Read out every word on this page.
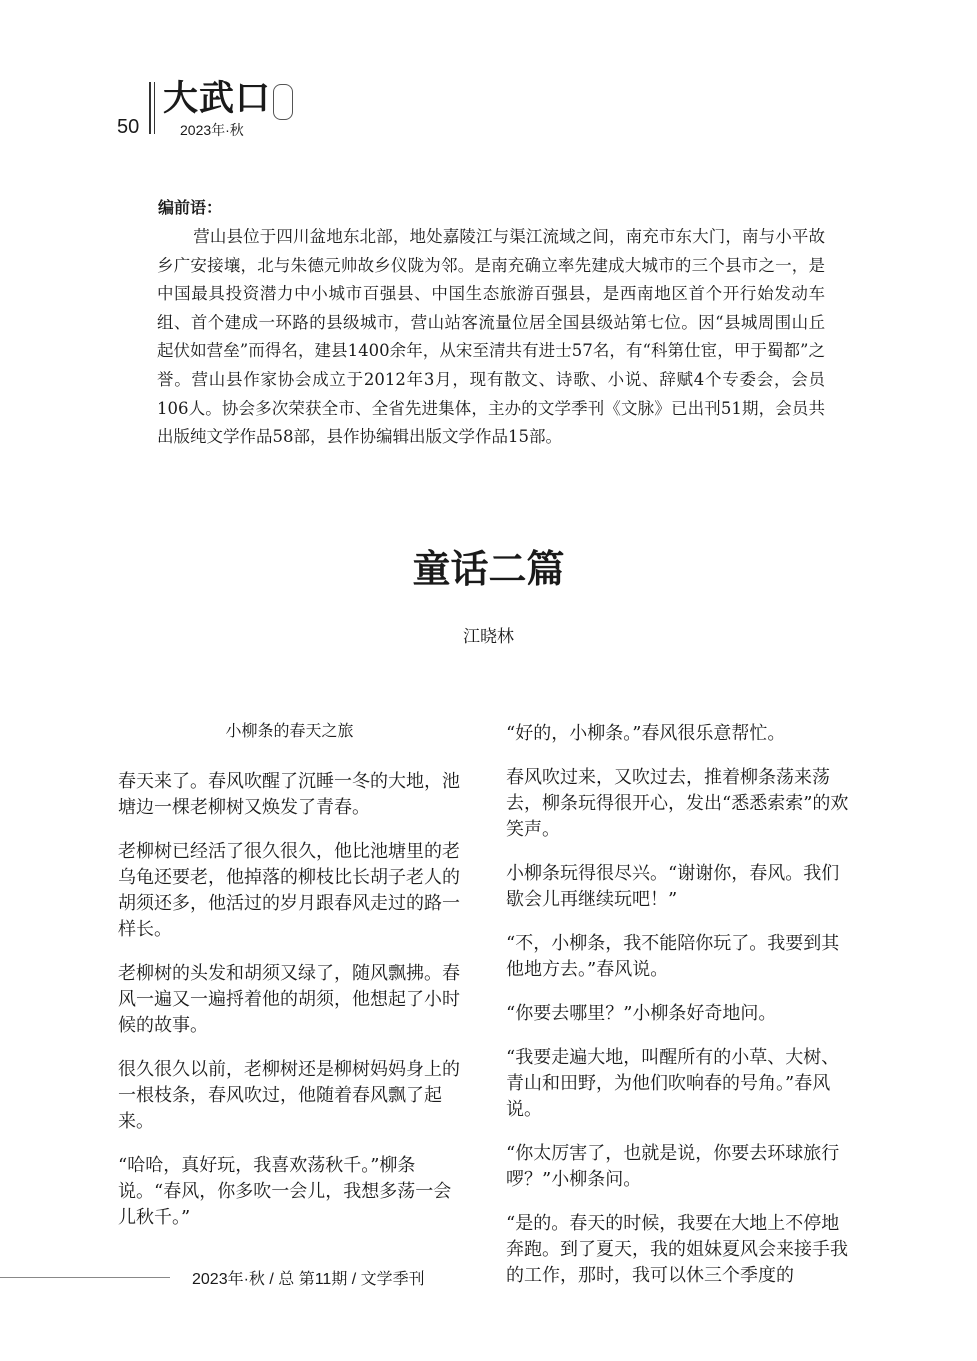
50
大武口
2023年·秋
编前语：

营山县位于四川盆地东北部，地处嘉陵江与渠江流域之间，南充市东大门，南与小平故乡广安接壤，北与朱德元帅故乡仪陇为邻。是南充确立率先建成大城市的三个县市之一，是中国最具投资潜力中小城市百强县、中国生态旅游百强县，是西南地区首个开行始发动车组、首个建成一环路的县级城市，营山站客流量位居全国县级站第七位。因“县城周围山丘起伏如营垒”而得名，建县1400余年，从宋至清共有进士57名，有“科第仕宦，甲于蜀都”之誉。营山县作家协会成立于2012年3月，现有散文、诗歌、小说、辞赋4个专委会，会员106人。协会多次荣获全市、全省先进集体，主办的文学季刊《文脉》已出刊51期，会员共出版纯文学作品58部，县作协编辑出版文学作品15部。

童话二篇
江晓林
小柳条的春天之旅

春天来了。春风吹醒了沉睡一冬的大地，池塘边一棵老柳树又焕发了青春。

老柳树已经活了很久很久，他比池塘里的老乌龟还要老，他掉落的柳枝比长胡子老人的胡须还多，他活过的岁月跟春风走过的路一样长。

老柳树的头发和胡须又绿了，随风飘拂。春风一遍又一遍捋着他的胡须，他想起了小时候的故事。

很久很久以前，老柳树还是柳树妈妈身上的一根枝条，春风吹过，他随着春风飘了起来。

“哈哈，真好玩，我喜欢荡秋千。”柳条说。“春风，你多吹一会儿，我想多荡一会儿秋千。”

“好的，小柳条。”春风很乐意帮忙。

春风吹过来，又吹过去，推着柳条荡来荡去，柳条玩得很开心，发出“悉悉索索”的欢笑声。

小柳条玩得很尽兴。“谢谢你，春风。我们歇会儿再继续玩吧！”

“不，小柳条，我不能陪你玩了。我要到其他地方去。”春风说。

“你要去哪里？”小柳条好奇地问。

“我要走遍大地，叫醒所有的小草、大树、青山和田野，为他们吹响春的号角。”春风说。

“你太厉害了，也就是说，你要去环球旅行啰？”小柳条问。

“是的。春天的时候，我要在大地上不停地奔跑。到了夏天，我的姐妹夏风会来接手我的工作，那时，我可以休三个季度的

2023年·秋 / 总 第11期 / 文学季刊
